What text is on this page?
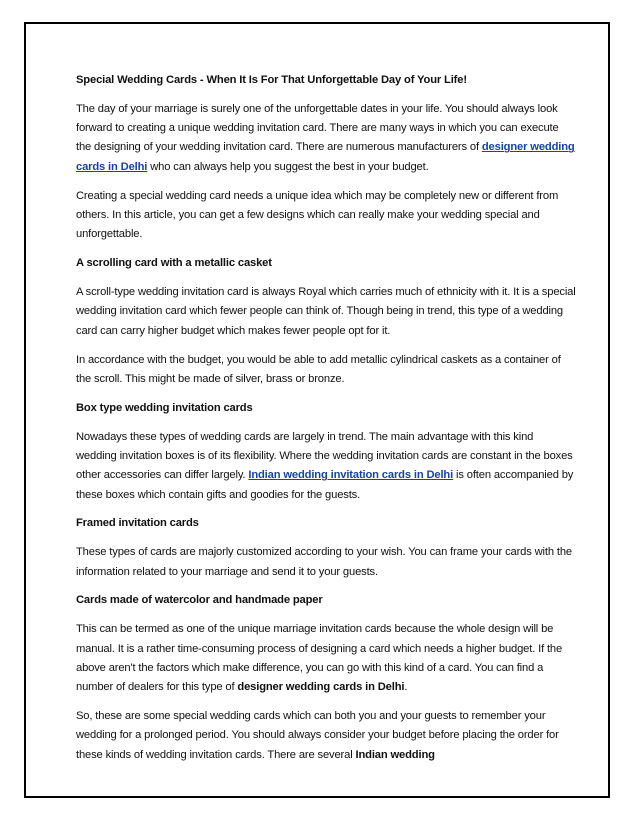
Special Wedding Cards - When It Is For That Unforgettable Day of Your Life!

The day of your marriage is surely one of the unforgettable dates in your life. You should always look forward to creating a unique wedding invitation card. There are many ways in which you can execute the designing of your wedding invitation card. There are numerous manufacturers of designer wedding cards in Delhi who can always help you suggest the best in your budget.

Creating a special wedding card needs a unique idea which may be completely new or different from others. In this article, you can get a few designs which can really make your wedding special and unforgettable.

A scrolling card with a metallic casket

A scroll-type wedding invitation card is always Royal which carries much of ethnicity with it. It is a special wedding invitation card which fewer people can think of. Though being in trend, this type of a wedding card can carry higher budget which makes fewer people opt for it.

In accordance with the budget, you would be able to add metallic cylindrical caskets as a container of the scroll. This might be made of silver, brass or bronze.

Box type wedding invitation cards

Nowadays these types of wedding cards are largely in trend. The main advantage with this kind wedding invitation boxes is of its flexibility. Where the wedding invitation cards are constant in the boxes other accessories can differ largely. Indian wedding invitation cards in Delhi is often accompanied by these boxes which contain gifts and goodies for the guests.

Framed invitation cards

These types of cards are majorly customized according to your wish. You can frame your cards with the information related to your marriage and send it to your guests.

Cards made of watercolor and handmade paper

This can be termed as one of the unique marriage invitation cards because the whole design will be manual. It is a rather time-consuming process of designing a card which needs a higher budget. If the above aren't the factors which make difference, you can go with this kind of a card. You can find a number of dealers for this type of designer wedding cards in Delhi.

So, these are some special wedding cards which can both you and your guests to remember your wedding for a prolonged period. You should always consider your budget before placing the order for these kinds of wedding invitation cards. There are several Indian wedding
